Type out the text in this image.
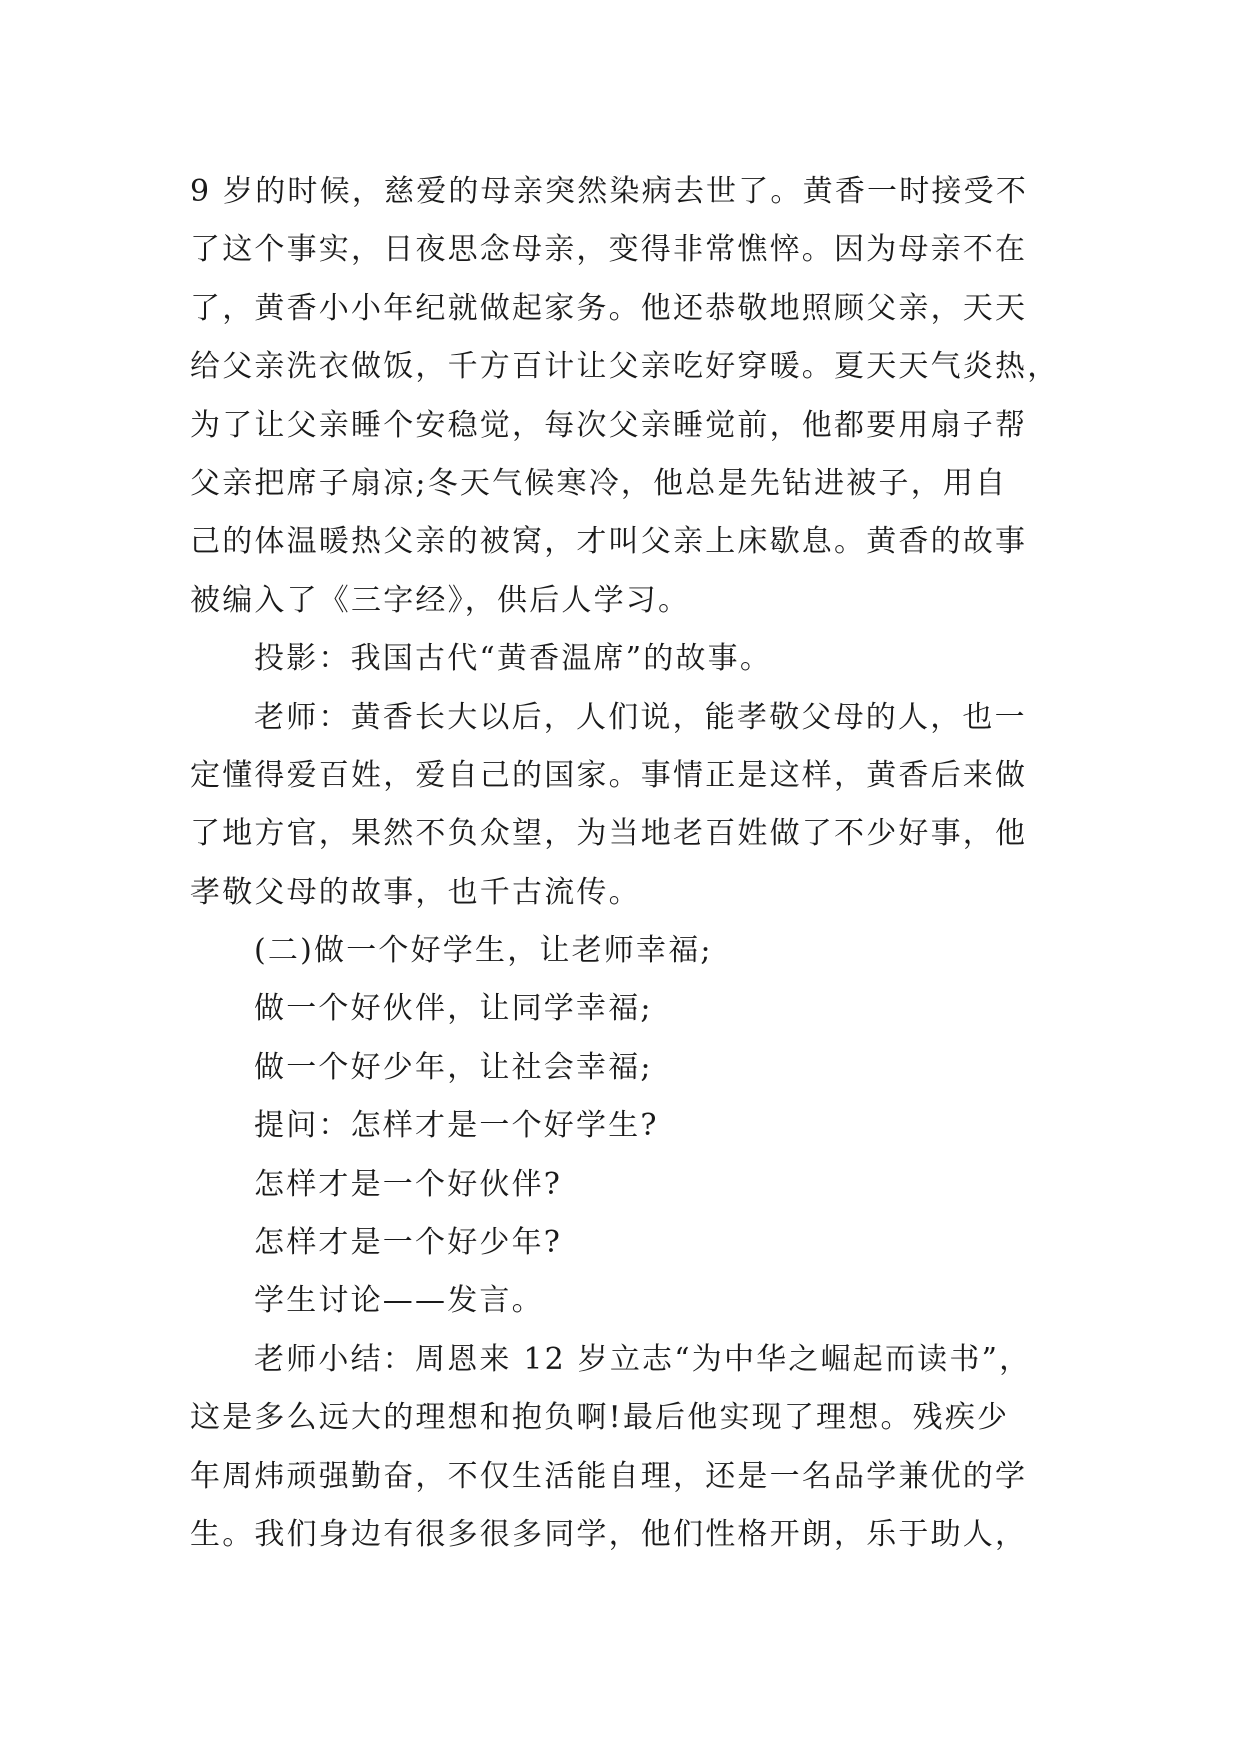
9 岁的时候，慈爱的母亲突然染病去世了。黄香一时接受不
了这个事实，日夜思念母亲，变得非常憔悴。因为母亲不在
了，黄香小小年纪就做起家务。他还恭敬地照顾父亲，天天
给父亲洗衣做饭，千方百计让父亲吃好穿暖。夏天天气炎热，
为了让父亲睡个安稳觉，每次父亲睡觉前，他都要用扇子帮
父亲把席子扇凉;冬天气候寒冷，他总是先钻进被子，用自
己的体温暖热父亲的被窝，才叫父亲上床歇息。黄香的故事
被编入了《三字经》，供后人学习。
投影：我国古代“黄香温席”的故事。
老师：黄香长大以后，人们说，能孝敬父母的人，也一
定懂得爱百姓，爱自己的国家。事情正是这样，黄香后来做
了地方官，果然不负众望，为当地老百姓做了不少好事，他
孝敬父母的故事，也千古流传。
(二)做一个好学生，让老师幸福;
做一个好伙伴，让同学幸福;
做一个好少年，让社会幸福;
提问：怎样才是一个好学生?
怎样才是一个好伙伴?
怎样才是一个好少年?
学生讨论——发言。
老师小结：周恩来 12 岁立志“为中华之崛起而读书”，
这是多么远大的理想和抱负啊!最后他实现了理想。残疾少
年周炜顽强勤奋，不仅生活能自理，还是一名品学兼优的学
生。我们身边有很多很多同学，他们性格开朗，乐于助人，
